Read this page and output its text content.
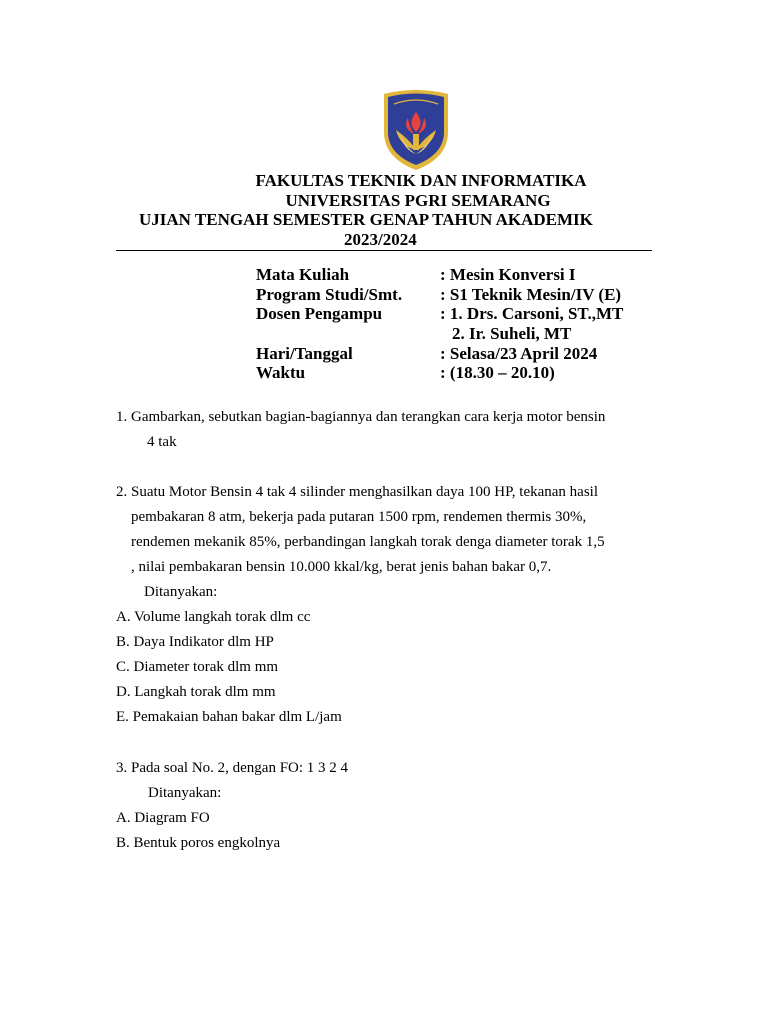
FAKULTAS TEKNIK DAN INFORMATIKA
UNIVERSITAS PGRI SEMARANG
UJIAN TENGAH SEMESTER GENAP TAHUN AKADEMIK
2023/2024
Mata Kuliah	: Mesin Konversi I
Program Studi/Smt. : S1 Teknik Mesin/IV (E)
Dosen Pengampu	: 1. Drs. Carsoni, ST.,MT
2. Ir. Suheli, MT
Hari/Tanggal	: Selasa/23 April 2024
Waktu	: (18.30 – 20.10)
1. Gambarkan, sebutkan bagian-bagiannya dan terangkan cara kerja motor bensin
4 tak
2. Suatu Motor Bensin 4 tak 4 silinder menghasilkan daya 100 HP, tekanan hasil
pembakaran 8 atm, bekerja pada putaran 1500 rpm, rendemen thermis 30%,
rendemen mekanik 85%, perbandingan langkah torak denga diameter torak 1,5
, nilai pembakaran bensin 10.000 kkal/kg, berat jenis bahan bakar 0,7.
Ditanyakan:
A. Volume langkah torak dlm cc
B. Daya Indikator dlm HP
C. Diameter torak dlm mm
D. Langkah torak dlm mm
E. Pemakaian bahan bakar dlm L/jam
3. Pada soal No. 2, dengan FO: 1 3 2 4
Ditanyakan:
A. Diagram FO
B. Bentuk poros engkolnya
